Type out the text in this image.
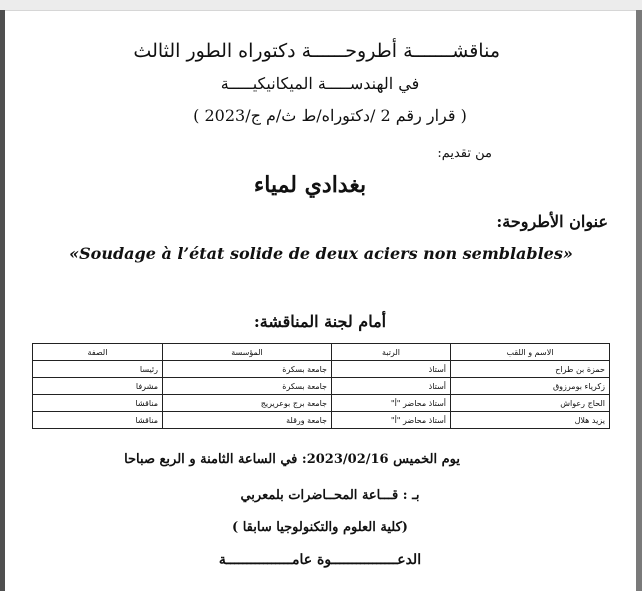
مناقشـــــــة أطروحــــــة دكتوراه الطور الثالث
في الهندســـــة الميكانيكيـــــة
( قرار رقم 2 /دكتوراه/ط ث/م ج/2023 )
من تقديم:
بغدادي لمياء
عنوان الأطروحة:
«Soudage à l’état solide de deux aciers non semblables»
أمام لجنة المناقشة:
الاسم و اللقب	الرتبة	المؤسسة	الصفة
حمزة بن طراح	أستاذ	جامعة بسكرة	رئيسا
زكرياء بومرزوق	أستاذ	جامعة بسكرة	مشرفا
الحاج رعواش	أستاذ محاضر "أ"	جامعة برج بوعريريج	مناقشا
يزيد هلال	أستاذ محاضر "أ"	جامعة ورقلة	مناقشا
يوم الخميس 2023/02/16: في الساعة الثامنة و الربع صباحا
بـ : قـــاعة المحــاضرات بلمعربي
(كلية العلوم والتكنولوجيا سابقا )
الدعــــــــــــــــوة عامــــــــــــــــة
